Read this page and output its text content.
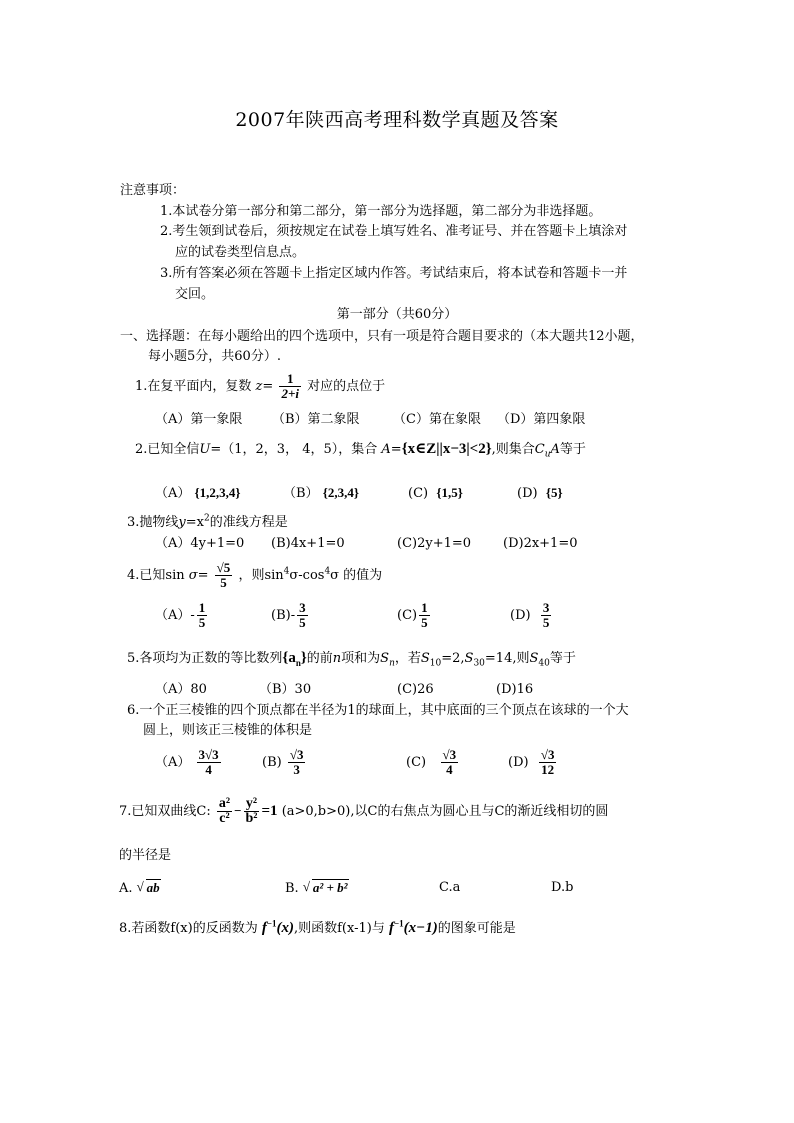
2007年陕西高考理科数学真题及答案
注意事项：
1.本试卷分第一部分和第二部分，第一部分为选择题，第二部分为非选择题。
2.考生领到试卷后，须按规定在试卷上填写姓名、准考证号、并在答题卡上填涂对
应的试卷类型信息点。
3.所有答案必须在答题卡上指定区域内作答。考试结束后，将本试卷和答题卡一并
交回。
第一部分（共60分）
一、选择题：在每小题给出的四个选项中，只有一项是符合题目要求的（本大题共12小题，
每小题5分，共60分）.
1.在复平面内，复数 $z= \frac{1}{2+i}$ 对应的点位于
（A）第一象限 （B）第二象限	（C）第在象限 （D）第四象限
2.已知全信U=（1，2，3， 4，5），集合 A={x∈Z||x−3|<2},则集合$C_uA$等于
（A） {1,2,3,4}	（B） {2,3,4}	(C) {1,5}	(D) {5}
3.抛物线$y=x^2$的准线方程是
（A）4y+1=0 (B)4x+1=0	(C)2y+1=0 (D)2x+1=0
4.已知$\sin \sigma= \frac{√5}{5}$ ，则$\sin^4\sigma-\cos^4\sigma$ 的值为
$(A)- \frac{1}{5}$	$(B)- \frac{3}{5}$	$(C) \frac{1}{5}$	$(D) \frac{3}{5}$
5.各项均为正数的等比数列$\{a_n\}$的前n项和为$S_n$，若$S_{10}=2,S_{30}=14$,则$S_{40}$等于
（A）80	（B）30	(C)26	(D)16
6.一个正三棱锥的四个顶点都在半径为1的球面上，其中底面的三个顶点在该球的一个大
圆上，则该正三棱锥的体积是
$(A) \frac{3√3}{4}$	$(B) \frac{√3}{3}$	$(C) \frac{√3}{4}$	$(D) \frac{√3}{12}$
7.已知双曲线C: $\frac{\text{a²}}{\text{c²}} - \frac{\text{y²}}{\text{b²}} =1$ (a>0,b>0),以C的右焦点为圆心且与C的渐近线相切的圆
的半径是
A. √ ab	B. √ a² + b²	C.a	D.b
8.若函数f(x)的反函数为 $f^{-1}(x)$,则函数f(x-1)与 $f^{-1}(x-1)$的图象可能是
